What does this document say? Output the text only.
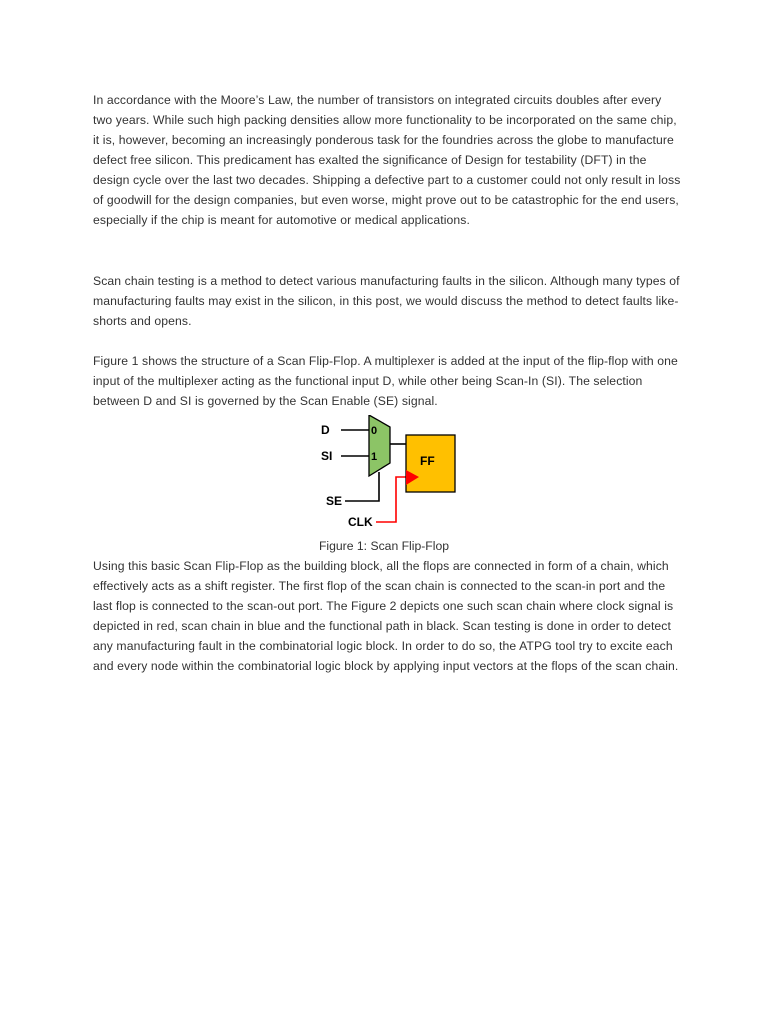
In accordance with the Moore’s Law, the number of transistors on integrated circuits doubles after every two years. While such high packing densities allow more functionality to be incorporated on the same chip, it is, however, becoming an increasingly ponderous task for the foundries across the globe to manufacture defect free silicon. This predicament has exalted the significance of Design for testability (DFT) in the design cycle over the last two decades. Shipping a defective part to a customer could not only result in loss of goodwill for the design companies, but even worse, might prove out to be catastrophic for the end users, especially if the chip is meant for automotive or medical applications.

Scan chain testing is a method to detect various manufacturing faults in the silicon. Although many types of manufacturing faults may exist in the silicon, in this post, we would discuss the method to detect faults like- shorts and opens.

Figure 1 shows the structure of a Scan Flip-Flop. A multiplexer is added at the input of the flip-flop with one input of the multiplexer acting as the functional input D, while other being Scan-In (SI). The selection between D and SI is governed by the Scan Enable (SE) signal.

D
SI
0
1	FF
SE
CLK
Figure 1: Scan Flip-Flop

Using this basic Scan Flip-Flop as the building block, all the flops are connected in form of a chain, which effectively acts as a shift register. The first flop of the scan chain is connected to the scan-in port and the last flop is connected to the scan-out port. The Figure 2 depicts one such scan chain where clock signal is depicted in red, scan chain in blue and the functional path in black. Scan testing is done in order to detect any manufacturing fault in the combinatorial logic block. In order to do so, the ATPG tool try to excite each and every node within the combinatorial logic block by applying input vectors at the flops of the scan chain.
